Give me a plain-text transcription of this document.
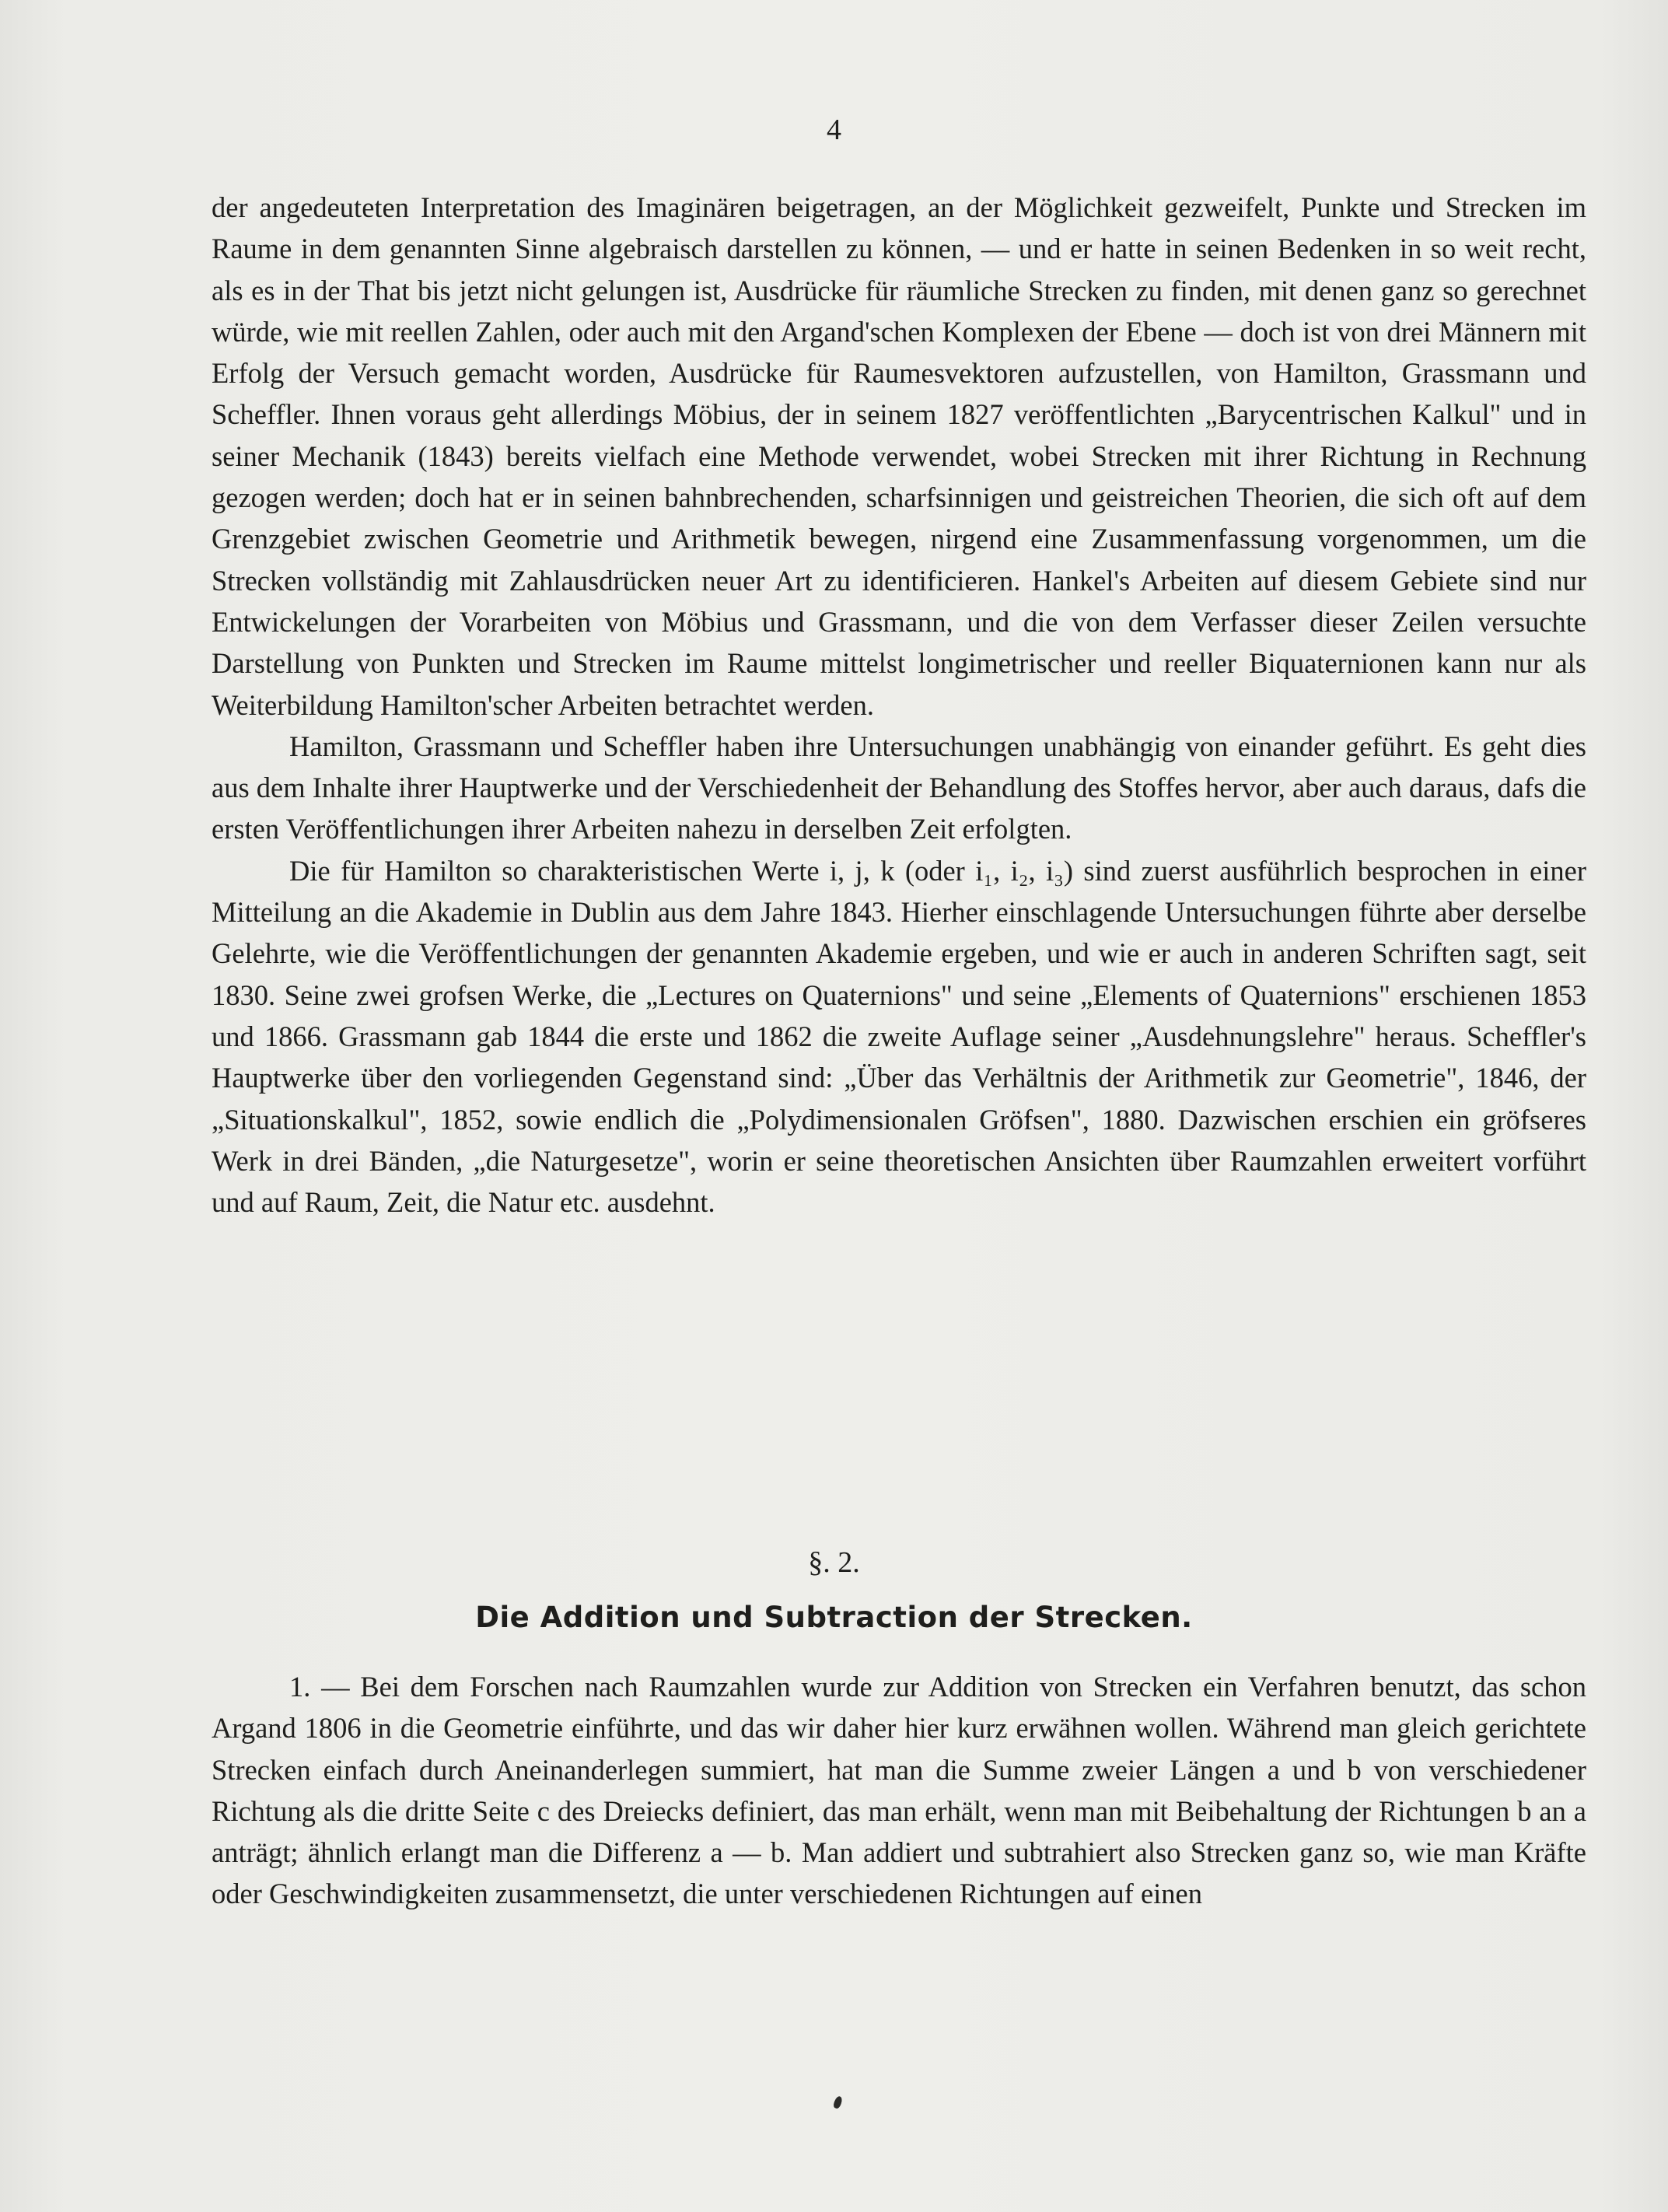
4

der angedeuteten Interpretation des Imaginären beigetragen, an der Möglichkeit gezweifelt, Punkte und Strecken im Raume in dem genannten Sinne algebraisch darstellen zu können, — und er hatte in seinen Bedenken in so weit recht, als es in der That bis jetzt nicht gelungen ist, Ausdrücke für räumliche Strecken zu finden, mit denen ganz so gerechnet würde, wie mit reellen Zahlen, oder auch mit den Argand'schen Komplexen der Ebene — doch ist von drei Männern mit Erfolg der Versuch gemacht worden, Ausdrücke für Raumesvektoren aufzustellen, von Hamilton, Grassmann und Scheffler. Ihnen voraus geht allerdings Möbius, der in seinem 1827 veröffentlichten „Barycentrischen Kalkul" und in seiner Mechanik (1843) bereits vielfach eine Methode verwendet, wobei Strecken mit ihrer Richtung in Rechnung gezogen werden; doch hat er in seinen bahnbrechenden, scharfsinnigen und geistreichen Theorien, die sich oft auf dem Grenzgebiet zwischen Geometrie und Arithmetik bewegen, nirgend eine Zusammenfassung vorgenommen, um die Strecken vollständig mit Zahlausdrücken neuer Art zu identificieren. Hankel's Arbeiten auf diesem Gebiete sind nur Entwickelungen der Vorarbeiten von Möbius und Grassmann, und die von dem Verfasser dieser Zeilen versuchte Darstellung von Punkten und Strecken im Raume mittelst longimetrischer und reeller Biquaternionen kann nur als Weiterbildung Hamilton'scher Arbeiten betrachtet werden.

Hamilton, Grassmann und Scheffler haben ihre Untersuchungen unabhängig von einander geführt. Es geht dies aus dem Inhalte ihrer Hauptwerke und der Verschiedenheit der Behandlung des Stoffes hervor, aber auch daraus, dafs die ersten Veröffentlichungen ihrer Arbeiten nahezu in derselben Zeit erfolgten.

Die für Hamilton so charakteristischen Werte i, j, k (oder i₁, i₂, i₃) sind zuerst ausführlich besprochen in einer Mitteilung an die Akademie in Dublin aus dem Jahre 1843. Hierher einschlagende Untersuchungen führte aber derselbe Gelehrte, wie die Veröffentlichungen der genannten Akademie ergeben, und wie er auch in anderen Schriften sagt, seit 1830. Seine zwei grofsen Werke, die „Lectures on Quaternions" und seine „Elements of Quaternions" erschienen 1853 und 1866. Grassmann gab 1844 die erste und 1862 die zweite Auflage seiner „Ausdehnungslehre" heraus. Scheffler's Hauptwerke über den vorliegenden Gegenstand sind: „Über das Verhältnis der Arithmetik zur Geometrie", 1846, der „Situationskalkul", 1852, sowie endlich die „Polydimensionalen Gröfsen", 1880. Dazwischen erschien ein gröfseres Werk in drei Bänden, „die Naturgesetze", worin er seine theoretischen Ansichten über Raumzahlen erweitert vorführt und auf Raum, Zeit, die Natur etc. ausdehnt.

§. 2.
Die Addition und Subtraction der Strecken.

1. — Bei dem Forschen nach Raumzahlen wurde zur Addition von Strecken ein Verfahren benutzt, das schon Argand 1806 in die Geometrie einführte, und das wir daher hier kurz erwähnen wollen. Während man gleich gerichtete Strecken einfach durch Aneinanderlegen summiert, hat man die Summe zweier Längen a und b von verschiedener Richtung als die dritte Seite c des Dreiecks definiert, das man erhält, wenn man mit Beibehaltung der Richtungen b an a anträgt; ähnlich erlangt man die Differenz a — b. Man addiert und subtrahiert also Strecken ganz so, wie man Kräfte oder Geschwindigkeiten zusammensetzt, die unter verschiedenen Richtungen auf einen
